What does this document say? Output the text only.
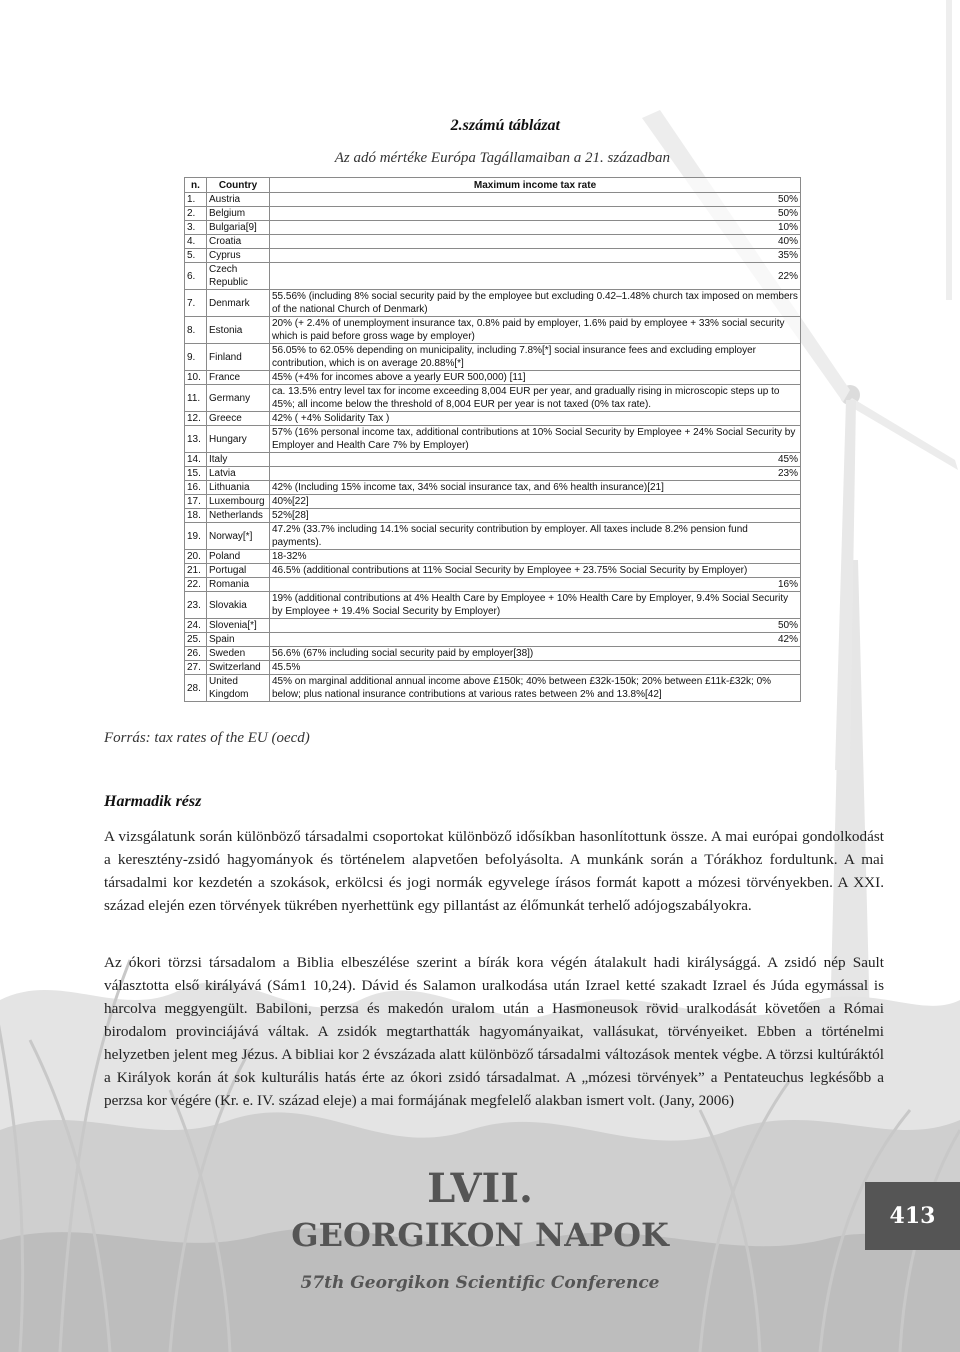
2.számú táblázat
Az adó mértéke Európa Tagállamaiban a 21. században
n.	Country	Maximum income tax rate
1.	Austria	50%
2.	Belgium	50%
3.	Bulgaria[9]	10%
4.	Croatia	40%
5.	Cyprus	35%
6.	Czech Republic	22%
7.	Denmark	55.56% (including 8% social security paid by the employee but excluding 0.42–1.48% church tax imposed on members of the national Church of Denmark)
8.	Estonia	20% (+ 2.4% of unemployment insurance tax, 0.8% paid by employer, 1.6% paid by employee + 33% social security which is paid before gross wage by employer)
9.	Finland	56.05% to 62.05% depending on municipality, including 7.8%[*] social insurance fees and excluding employer contribution, which is on average 20.88%[*]
10.	France	45% (+4% for incomes above a yearly EUR 500,000) [11]
11.	Germany	ca. 13.5% entry level tax for income exceeding 8,004 EUR per year, and gradually rising in microscopic steps up to 45%; all income below the threshold of 8,004 EUR per year is not taxed (0% tax rate).
12.	Greece	42% ( +4% Solidarity Tax )
13.	Hungary	57% (16% personal income tax, additional contributions at 10% Social Security by Employee + 24% Social Security by Employer and Health Care 7% by Employer)
14.	Italy	45%
15.	Latvia	23%
16.	Lithuania	42% (Including 15% income tax, 34% social insurance tax, and 6% health insurance)[21]
17.	Luxembourg	40%[22]
18.	Netherlands	52%[28]
19.	Norway[*]	47.2% (33.7% including 14.1% social security contribution by employer. All taxes include 8.2% pension fund payments).
20.	Poland	18-32%
21.	Portugal	46.5% (additional contributions at 11% Social Security by Employee + 23.75% Social Security by Employer)
22.	Romania	16%
23.	Slovakia	19% (additional contributions at 4% Health Care by Employee + 10% Health Care by Employer, 9.4% Social Security by Employee + 19.4% Social Security by Employer)
24.	Slovenia[*]	50%
25.	Spain	42%
26.	Sweden	56.6% (67% including social security paid by employer[38])
27.	Switzerland	45.5%
28.	United Kingdom	45% on marginal additional annual income above £150k; 40% between £32k-150k; 20% between £11k-£32k; 0% below; plus national insurance contributions at various rates between 2% and 13.8%[42]
Forrás: tax rates of the EU (oecd)
Harmadik rész

A vizsgálatunk során különböző társadalmi csoportokat különböző idősíkban hasonlítottunk össze. A mai európai gondolkodást a keresztény-zsidó hagyományok és történelem alapvetően befolyásolta. A munkánk során a Tórákhoz fordultunk. A mai társadalmi kor kezdetén a szokások, erkölcsi és jogi normák egyvelege írásos formát kapott a mózesi törvényekben. A XXI. század elején ezen törvények tükrében nyerhettünk egy pillantást az élőmunkát terhelő adójogszabályokra.

Az ókori törzsi társadalom a Biblia elbeszélése szerint a bírák kora végén átalakult hadi királysággá. A zsidó nép Sault választotta első királyává (Sám1 10,24). Dávid és Salamon uralkodása után Izrael ketté szakadt Izrael és Júda egymással is harcolva meggyengült. Babiloni, perzsa és makedón uralom után a Hasmoneusok rövid uralkodását követően a Római birodalom provinciájává váltak. A zsidók megtarthatták hagyományaikat, vallásukat, törvényeiket. Ebben a történelmi helyzetben jelent meg Jézus. A bibliai kor 2 évszázada alatt különböző társadalmi változások mentek végbe. A törzsi kultúráktól a Királyok korán át sok kulturális hatás érte az ókori zsidó társadalmat. A „mózesi törvények” a Pentateuchus legkésőbb a perzsa kor végére (Kr. e. IV. század eleje) a mai formájának megfelelő alakban ismert volt. (Jany, 2006)

LVII.
GEORGIKON NAPOK
57th Georgikon Scientific Conference
413
